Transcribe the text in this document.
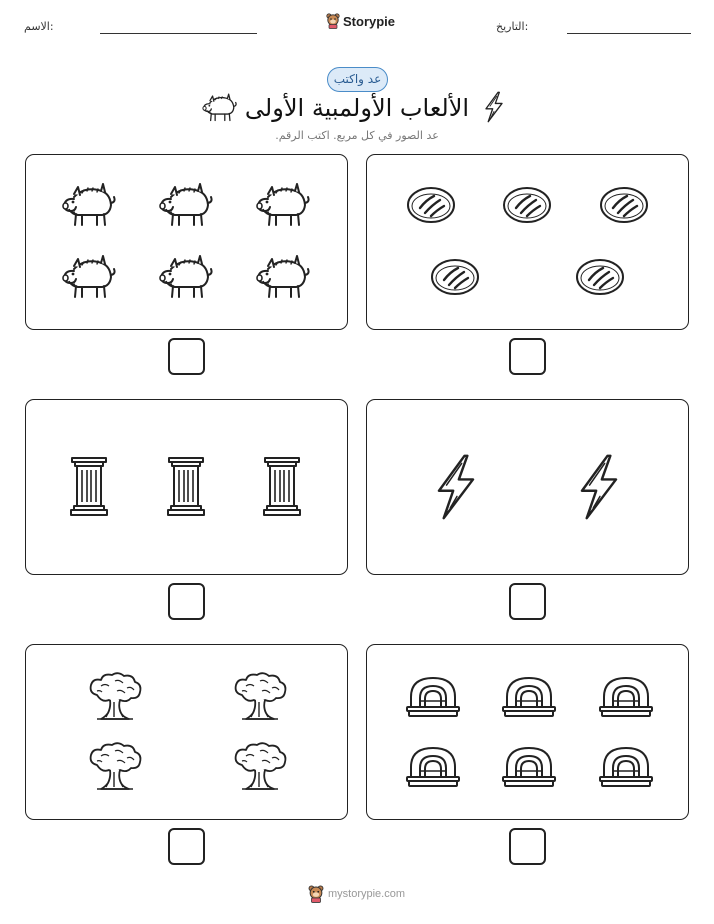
الاسم:	Storypie	التاريخ:
عد واكتب
الألعاب الأولمبية الأولى
عد الصور في كل مربع. اكتب الرقم.
mystorypie.com
